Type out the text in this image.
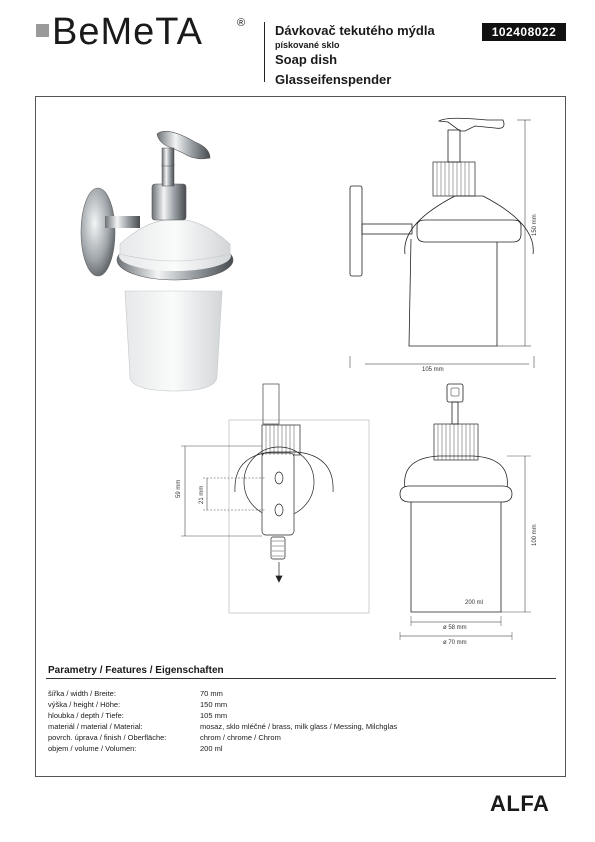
BeMeTA	® Dávkovač tekutého mýdla
pískované sklo
Soap dish
Glasseifenspender
102408022
105 mm
150 mm
59 mm	21 mm
200 ml
ø 58 mm
ø 70 mm
100 mm
Parametry / Features / Eigenschaften
šířka / width / Breite:	70 mm
výška / height / Höhe:	150 mm
hloubka / depth / Tiefe:	105 mm
materiál / material / Material:	mosaz, sklo mléčné / brass, milk glass / Messing, Milchglas
povrch. úprava / finish / Oberfläche:	chrom / chrome / Chrom
objem / volume / Volumen:	200 ml
ALFA
